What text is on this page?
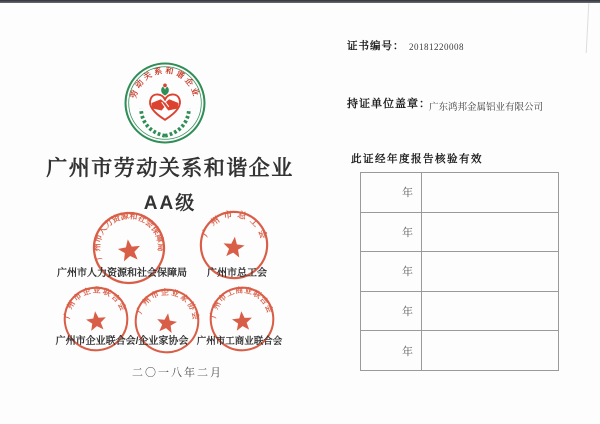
劳动关系和谐企业
广州市劳动关系和谐企业
AA级
广州市人力资源和社会保障局
广州市总工会
广州市人力资源和社会保障局	广州市总工会
广州市企业联合会 广州市企业家协会 广州市工商业联合会
广州市企业联合会/企业家协会 广州市工商业联合会
二〇一八年二月
证书编号： 20181220008
持证单位盖章：
广东鸿邦金属铝业有限公司
此证经年度报告核验有效
年
年
年
年
年
